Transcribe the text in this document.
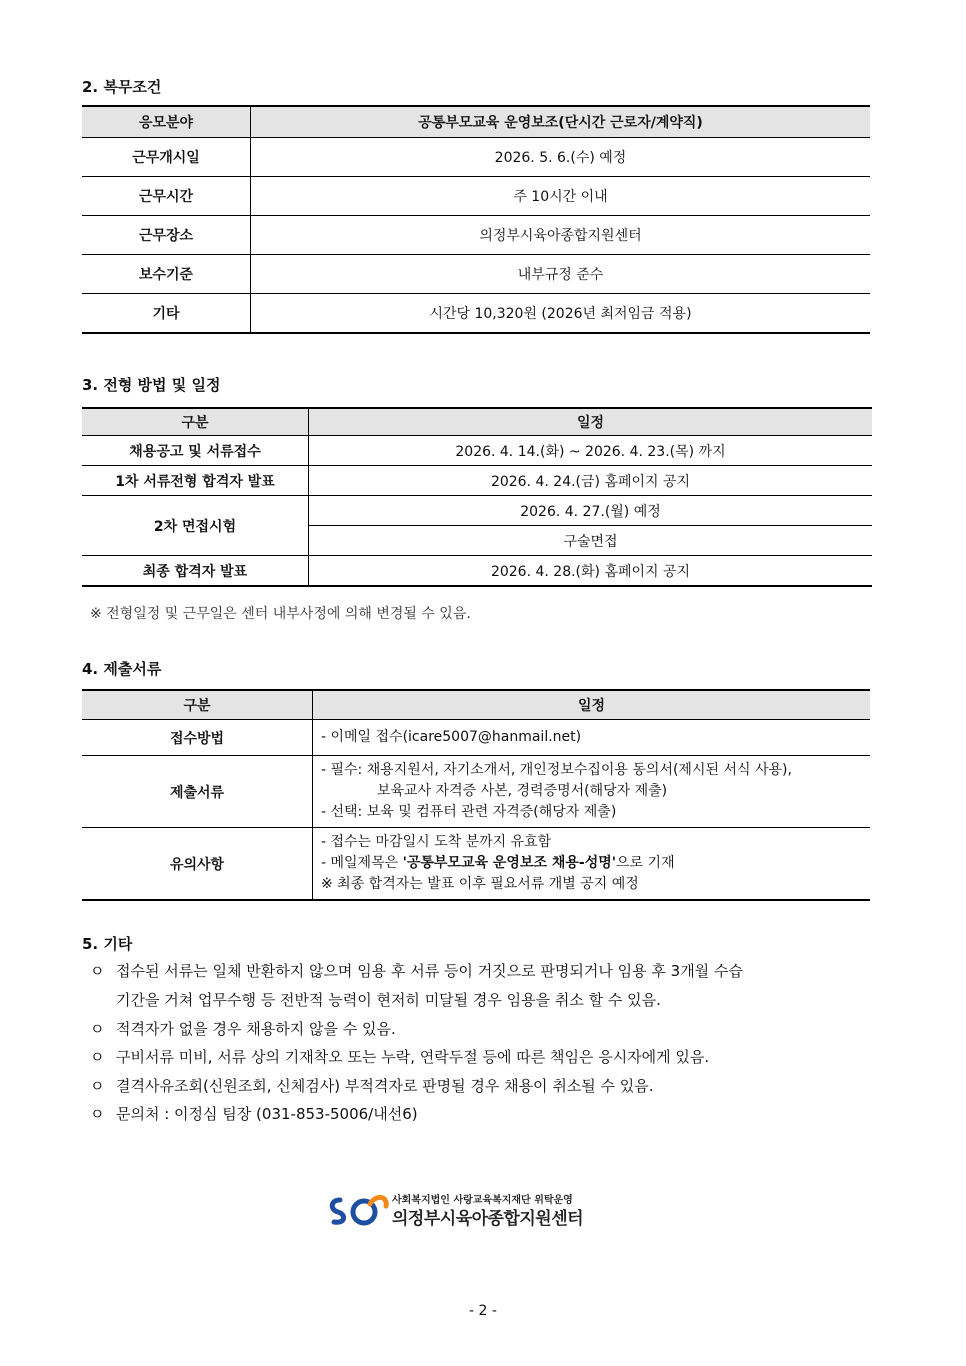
2. 복무조건
응모분야	공통부모교육 운영보조(단시간 근로자/계약직)
근무개시일	2026. 5. 6.(수) 예정
근무시간	주 10시간 이내
근무장소	의정부시육아종합지원센터
보수기준	내부규정 준수
기타	시간당 10,320원 (2026년 최저임금 적용)
3. 전형 방법 및 일정
구분	일정
채용공고 및 서류접수	2026. 4. 14.(화) ~ 2026. 4. 23.(목) 까지
1차 서류전형 합격자 발표	2026. 4. 24.(금) 홈페이지 공지
2차 면접시험	2026. 4. 27.(월) 예정
	구술면접
최종 합격자 발표	2026. 4. 28.(화) 홈페이지 공지
※ 전형일정 및 근무일은 센터 내부사정에 의해 변경될 수 있음.
4. 제출서류
구분	일정
접수방법	- 이메일 접수(icare5007@hanmail.net)
제출서류	- 필수: 채용지원서, 자기소개서, 개인정보수집이용 동의서(제시된 서식 사용),
보육교사 자격증 사본, 경력증명서(해당자 제출)
- 선택: 보육 및 컴퓨터 관련 자격증(해당자 제출)

유의사항	- 접수는 마감일시 도착 분까지 유효함
- 메일제목은 '공통부모교육 운영보조 채용-성명'으로 기재
※ 최종 합격자는 발표 이후 필요서류 개별 공지 예정
5. 기타
ㅇ 접수된 서류는 일체 반환하지 않으며 임용 후 서류 등이 거짓으로 판명되거나 임용 후 3개월 수습
기간을 거쳐 업무수행 등 전반적 능력이 현저히 미달될 경우 임용을 취소 할 수 있음.
ㅇ 적격자가 없을 경우 채용하지 않을 수 있음.
ㅇ 구비서류 미비, 서류 상의 기재착오 또는 누락, 연락두절 등에 따른 책임은 응시자에게 있음.
ㅇ 결격사유조회(신원조회, 신체검사) 부적격자로 판명될 경우 채용이 취소될 수 있음.
ㅇ 문의처 : 이정심 팀장 (031-853-5006/내선6)
사회복지법인 사랑교육복지재단 위탁운영
의정부시육아종합지원센터
- 2 -
